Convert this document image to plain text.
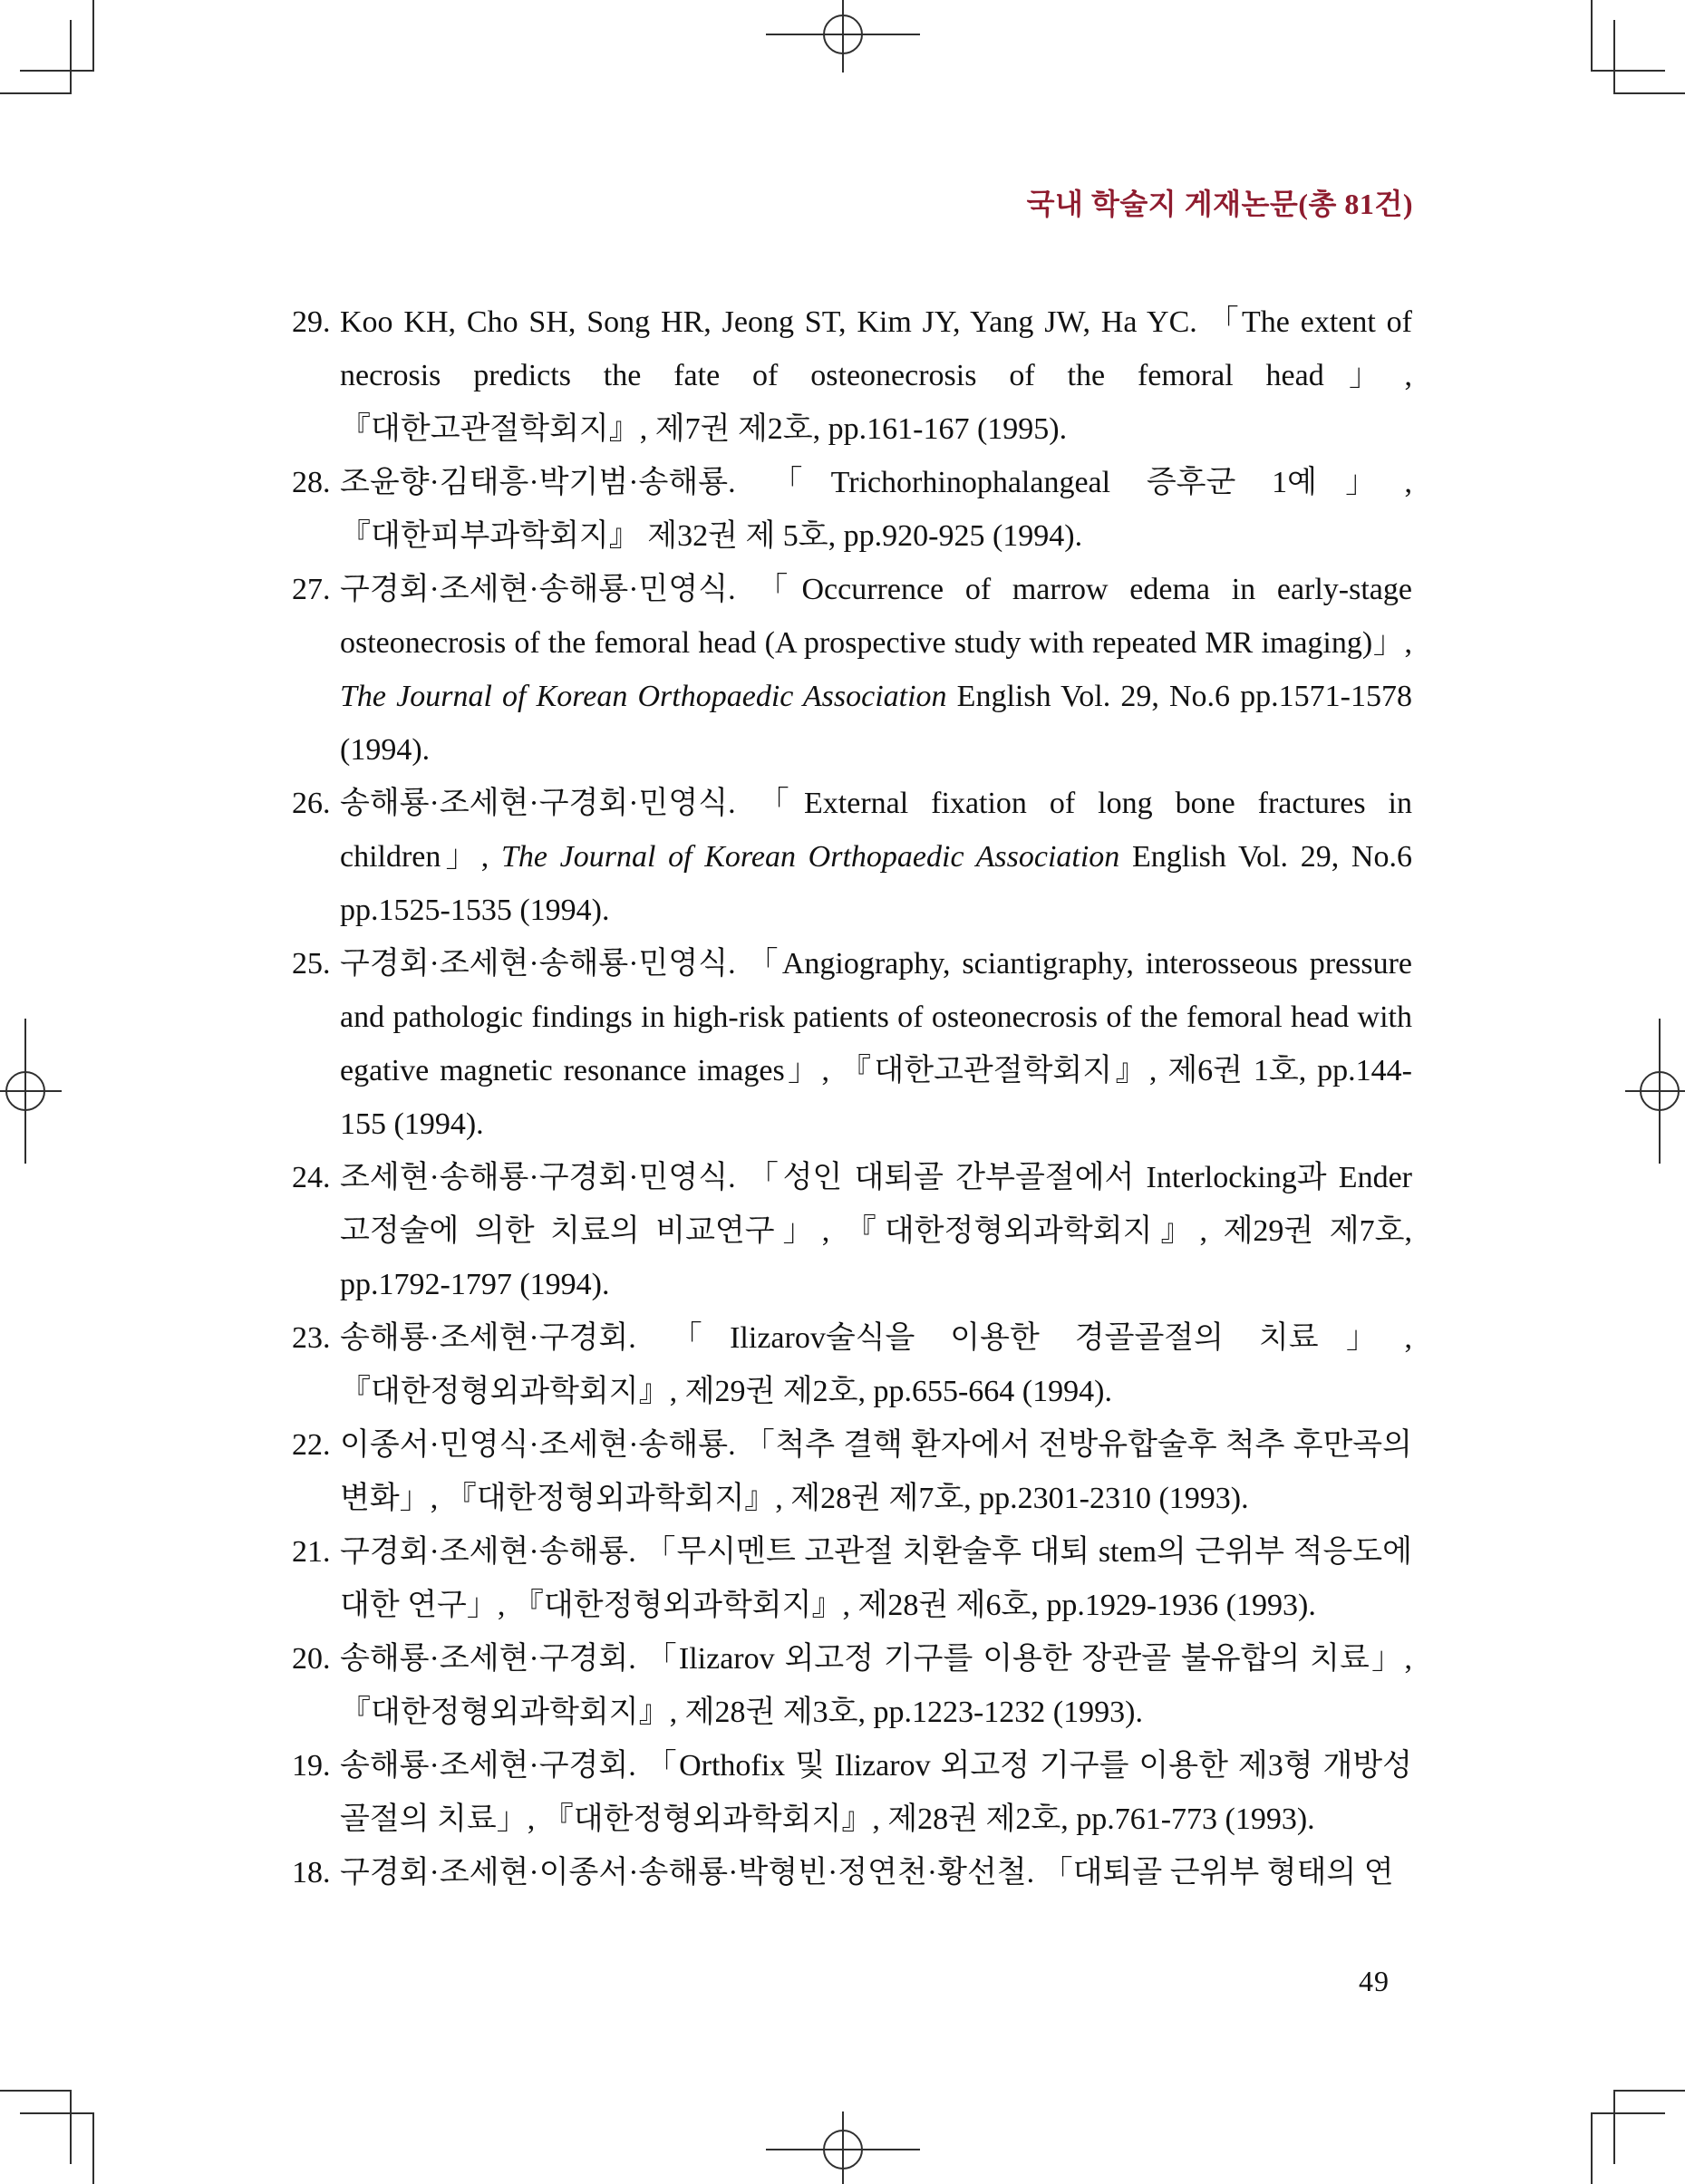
국내 학술지 게재논문(총 81건)
29. Koo KH, Cho SH, Song HR, Jeong ST, Kim JY, Yang JW, Ha YC. 「The extent of necrosis predicts the fate of osteonecrosis of the femoral head」, 『대한고관절학회지』, 제7권 제2호, pp.161-167 (1995).
28. 조윤향·김태흥·박기범·송해룡. 「Trichorhinophalangeal 증후군 1예」, 『대한피부과학회지』 제32권 제 5호, pp.920-925 (1994).
27. 구경회·조세현·송해룡·민영식. 「Occurrence of marrow edema in early-stage osteonecrosis of the femoral head (A prospective study with repeated MR imaging)」, The Journal of Korean Orthopaedic Association English Vol. 29, No.6 pp.1571-1578 (1994).
26. 송해룡·조세현·구경회·민영식. 「External fixation of long bone fractures in children」, The Journal of Korean Orthopaedic Association English Vol. 29, No.6 pp.1525-1535 (1994).
25. 구경회·조세현·송해룡·민영식. 「Angiography, sciantigraphy, interosseous pressure and pathologic findings in high-risk patients of osteonecrosis of the femoral head with egative magnetic resonance images」, 『대한고관절학회지』, 제6권 1호, pp.144-155 (1994).
24. 조세현·송해룡·구경회·민영식. 「성인 대퇴골 간부골절에서 Interlocking과 Ender 고정술에 의한 치료의 비교연구」, 『대한정형외과학회지』, 제29권 제7호, pp.1792-1797 (1994).
23. 송해룡·조세현·구경회. 「Ilizarov술식을 이용한 경골골절의 치료」, 『대한정형외과학회지』, 제29권 제2호, pp.655-664 (1994).
22. 이종서·민영식·조세현·송해룡. 「척추 결핵 환자에서 전방유합술후 척추 후만곡의 변화」, 『대한정형외과학회지』, 제28권 제7호, pp.2301-2310 (1993).
21. 구경회·조세현·송해룡. 「무시멘트 고관절 치환술후 대퇴 stem의 근위부 적응도에 대한 연구」, 『대한정형외과학회지』, 제28권 제6호, pp.1929-1936 (1993).
20. 송해룡·조세현·구경회. 「Ilizarov 외고정 기구를 이용한 장관골 불유합의 치료」, 『대한정형외과학회지』, 제28권 제3호, pp.1223-1232 (1993).
19. 송해룡·조세현·구경회. 「Orthofix 및 Ilizarov 외고정 기구를 이용한 제3형 개방성 골절의 치료」, 『대한정형외과학회지』, 제28권 제2호, pp.761-773 (1993).
18. 구경회·조세현·이종서·송해룡·박형빈·정연천·황선철. 「대퇴골 근위부 형태의 연
49
